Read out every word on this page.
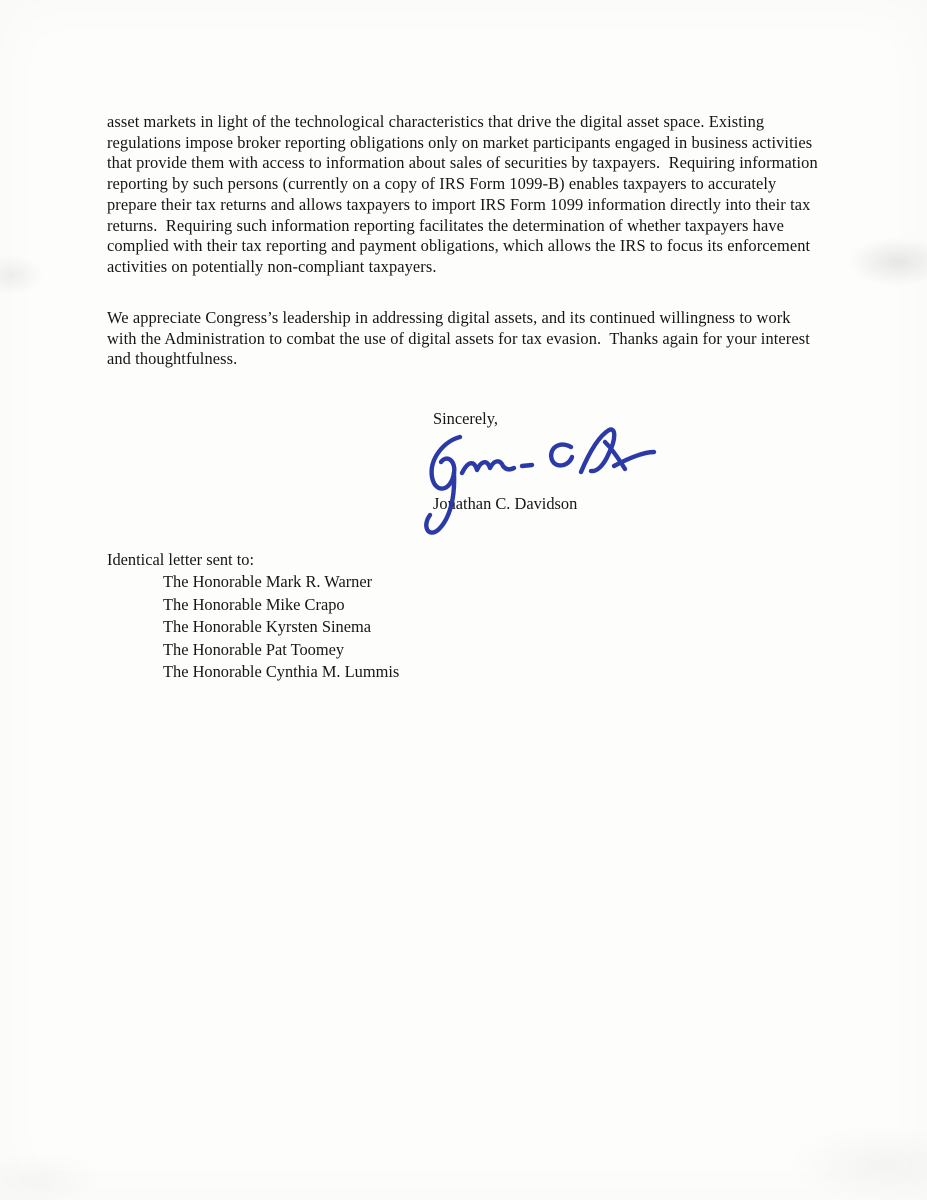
asset markets in light of the technological characteristics that drive the digital asset space. Existing regulations impose broker reporting obligations only on market participants engaged in business activities that provide them with access to information about sales of securities by taxpayers.  Requiring information reporting by such persons (currently on a copy of IRS Form 1099-B) enables taxpayers to accurately prepare their tax returns and allows taxpayers to import IRS Form 1099 information directly into their tax returns.  Requiring such information reporting facilitates the determination of whether taxpayers have complied with their tax reporting and payment obligations, which allows the IRS to focus its enforcement activities on potentially non-compliant taxpayers.

We appreciate Congress’s leadership in addressing digital assets, and its continued willingness to work with the Administration to combat the use of digital assets for tax evasion.  Thanks again for your interest and thoughtfulness.

Sincerely,
Jonathan C. Davidson
Identical letter sent to:
The Honorable Mark R. Warner
The Honorable Mike Crapo
The Honorable Kyrsten Sinema
The Honorable Pat Toomey
The Honorable Cynthia M. Lummis
